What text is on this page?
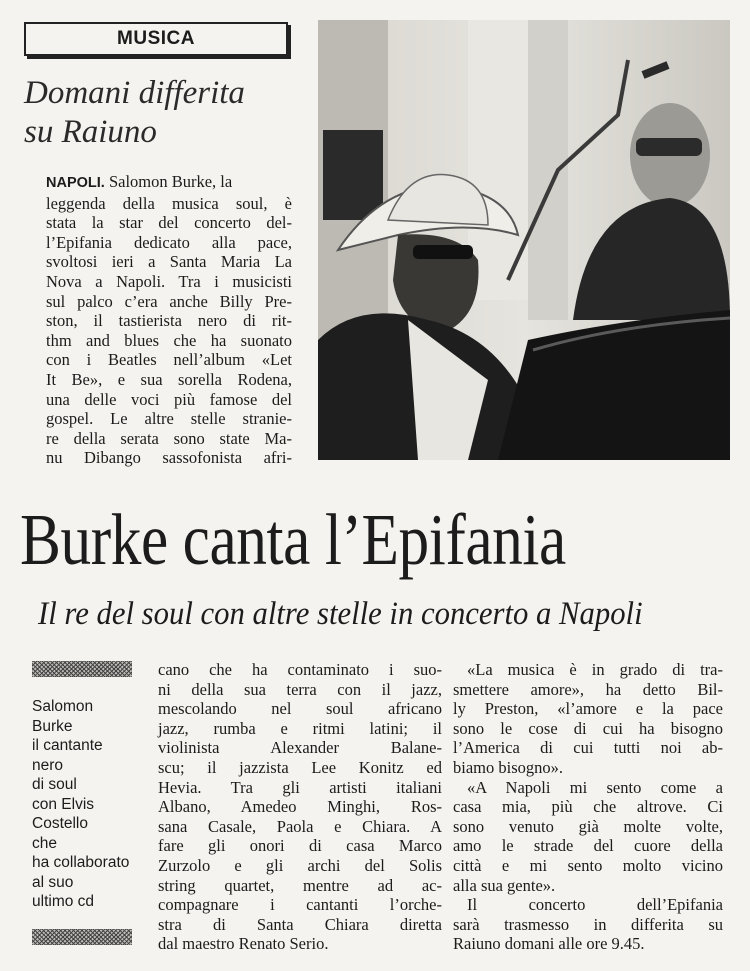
MUSICA
Domani differita
su Raiuno
NAPOLI. Salomon Burke, la
leggenda della musica soul, è
stata la star del concerto del-
l’Epifania dedicato alla pace,
svoltosi ieri a Santa Maria La
Nova a Napoli. Tra i musicisti
sul palco c’era anche Billy Pre-
ston, il tastierista nero di rit-
thm and blues che ha suonato
con i Beatles nell’album «Let
It Be», e sua sorella Rodena,
una delle voci più famose del
gospel. Le altre stelle stranie-
re della serata sono state Ma-
nu Dibango sassofonista afri-
Burke canta l’Epifania
Il re del soul con altre stelle in concerto a Napoli
Salomon
Burke
il cantante
nero
di soul
con Elvis
Costello
che
ha collaborato
al suo
ultimo cd
cano che ha contaminato i suo-
ni della sua terra con il jazz,
mescolando nel soul africano
jazz, rumba e ritmi latini; il
violinista Alexander Balane-
scu; il jazzista Lee Konitz ed
Hevia. Tra gli artisti italiani
Albano, Amedeo Minghi, Ros-
sana Casale, Paola e Chiara. A
fare gli onori di casa Marco
Zurzolo e gli archi del Solis
string quartet, mentre ad ac-
compagnare i cantanti l’orche-
stra di Santa Chiara diretta
dal maestro Renato Serio.
«La musica è in grado di tra-
smettere amore», ha detto Bil-
ly Preston, «l’amore e la pace
sono le cose di cui ha bisogno
l’America di cui tutti noi ab-
biamo bisogno».
«A Napoli mi sento come a
casa mia, più che altrove. Ci
sono venuto già molte volte,
amo le strade del cuore della
città e mi sento molto vicino
alla sua gente».
Il concerto dell’Epifania
sarà trasmesso in differita su
Raiuno domani alle ore 9.45.
